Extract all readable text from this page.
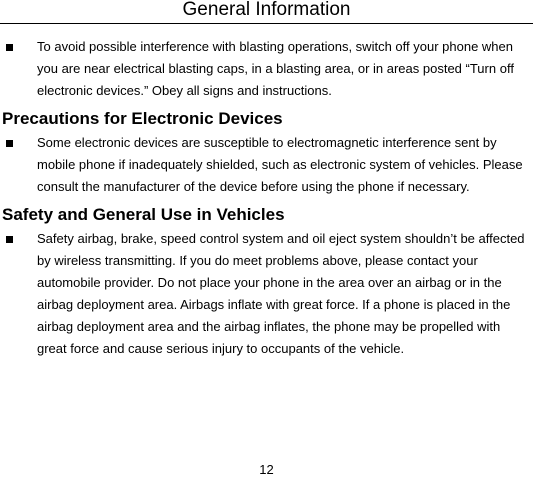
General Information
To avoid possible interference with blasting operations, switch off your phone when you are near electrical blasting caps, in a blasting area, or in areas posted “Turn off electronic devices.” Obey all signs and instructions.
Precautions for Electronic Devices
Some electronic devices are susceptible to electromagnetic interference sent by mobile phone if inadequately shielded, such as electronic system of vehicles. Please consult the manufacturer of the device before using the phone if necessary.
Safety and General Use in Vehicles
Safety airbag, brake, speed control system and oil eject system shouldn’t be affected by wireless transmitting. If you do meet problems above, please contact your automobile provider. Do not place your phone in the area over an airbag or in the airbag deployment area. Airbags inflate with great force. If a phone is placed in the airbag deployment area and the airbag inflates, the phone may be propelled with great force and cause serious injury to occupants of the vehicle.
12
